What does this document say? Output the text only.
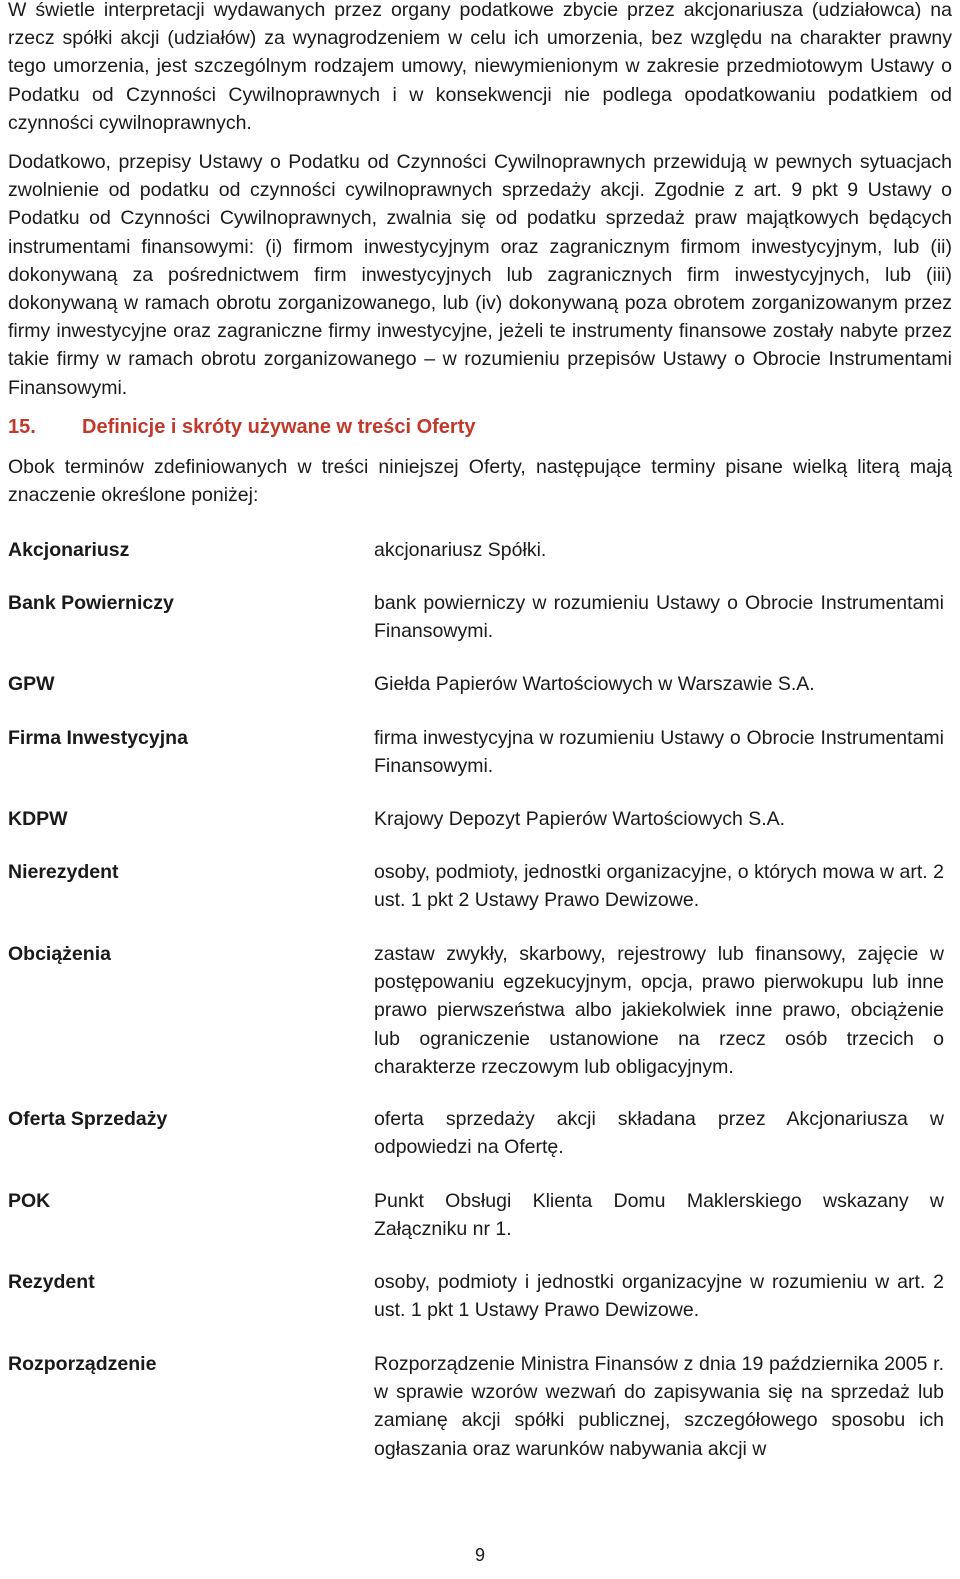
W świetle interpretacji wydawanych przez organy podatkowe zbycie przez akcjonariusza (udziałowca) na rzecz spółki akcji (udziałów) za wynagrodzeniem w celu ich umorzenia, bez względu na charakter prawny tego umorzenia, jest szczególnym rodzajem umowy, niewymienionym w zakresie przedmiotowym Ustawy o Podatku od Czynności Cywilnoprawnych i w konsekwencji nie podlega opodatkowaniu podatkiem od czynności cywilnoprawnych.

Dodatkowo, przepisy Ustawy o Podatku od Czynności Cywilnoprawnych przewidują w pewnych sytuacjach zwolnienie od podatku od czynności cywilnoprawnych sprzedaży akcji. Zgodnie z art. 9 pkt 9 Ustawy o Podatku od Czynności Cywilnoprawnych, zwalnia się od podatku sprzedaż praw majątkowych będących instrumentami finansowymi: (i) firmom inwestycyjnym oraz zagranicznym firmom inwestycyjnym, lub (ii) dokonywaną za pośrednictwem firm inwestycyjnych lub zagranicznych firm inwestycyjnych, lub (iii) dokonywaną w ramach obrotu zorganizowanego, lub (iv) dokonywaną poza obrotem zorganizowanym przez firmy inwestycyjne oraz zagraniczne firmy inwestycyjne, jeżeli te instrumenty finansowe zostały nabyte przez takie firmy w ramach obrotu zorganizowanego – w rozumieniu przepisów Ustawy o Obrocie Instrumentami Finansowymi.

15. Definicje i skróty używane w treści Oferty

Obok terminów zdefiniowanych w treści niniejszej Oferty, następujące terminy pisane wielką literą mają znaczenie określone poniżej:

Akcjonariusz	akcjonariusz Spółki.
Bank Powierniczy	bank powierniczy w rozumieniu Ustawy o Obrocie Instrumentami Finansowymi.
GPW	Giełda Papierów Wartościowych w Warszawie S.A.
Firma Inwestycyjna	firma inwestycyjna w rozumieniu Ustawy o Obrocie Instrumentami Finansowymi.
KDPW	Krajowy Depozyt Papierów Wartościowych S.A.
Nierezydent	osoby, podmioty, jednostki organizacyjne, o których mowa w art. 2 ust. 1 pkt 2 Ustawy Prawo Dewizowe.
Obciążenia	zastaw zwykły, skarbowy, rejestrowy lub finansowy, zajęcie w postępowaniu egzekucyjnym, opcja, prawo pierwokupu lub inne prawo pierwszeństwa albo jakiekolwiek inne prawo, obciążenie lub ograniczenie ustanowione na rzecz osób trzecich o charakterze rzeczowym lub obligacyjnym.
Oferta Sprzedaży	oferta sprzedaży akcji składana przez Akcjonariusza w odpowiedzi na Ofertę.
POK	Punkt Obsługi Klienta Domu Maklerskiego wskazany w Załączniku nr 1.
Rezydent	osoby, podmioty i jednostki organizacyjne w rozumieniu w art. 2 ust. 1 pkt 1 Ustawy Prawo Dewizowe.
Rozporządzenie	Rozporządzenie Ministra Finansów z dnia 19 października 2005 r. w sprawie wzorów wezwań do zapisywania się na sprzedaż lub zamianę akcji spółki publicznej, szczegółowego sposobu ich ogłaszania oraz warunków nabywania akcji w
9
